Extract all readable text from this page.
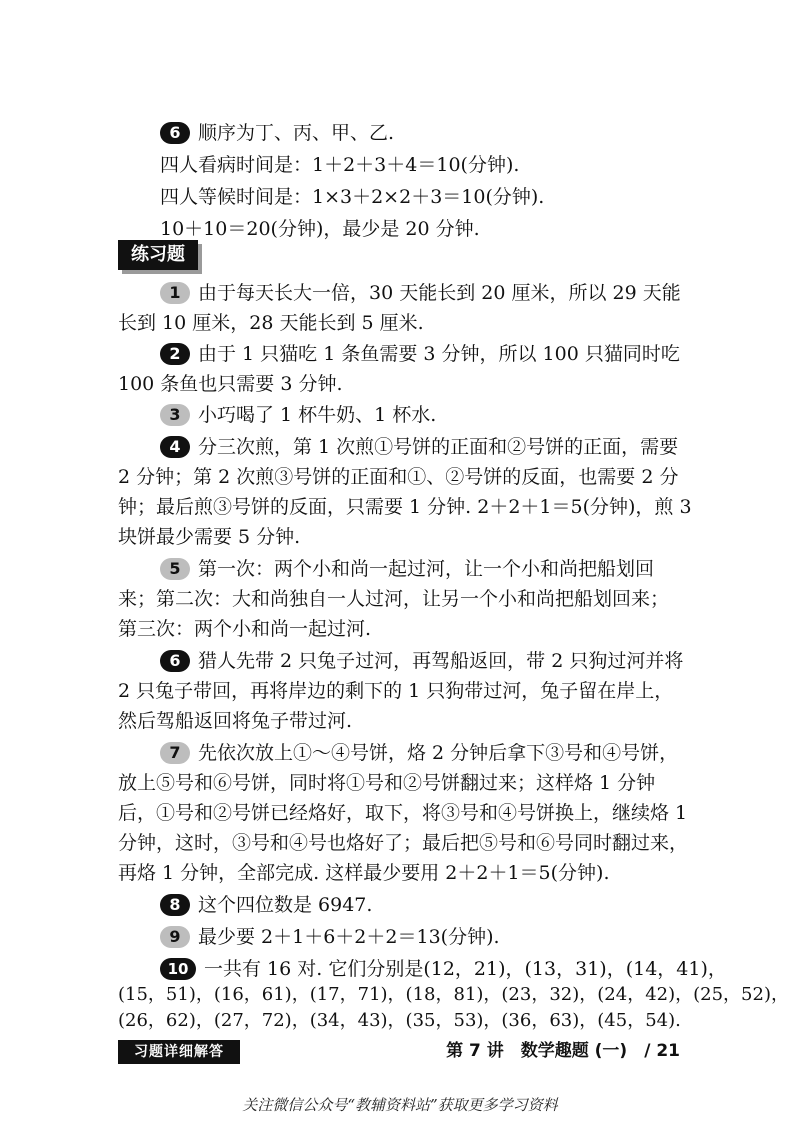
6 顺序为丁、丙、甲、乙.
四人看病时间是：1＋2＋3＋4＝10(分钟).
四人等候时间是：1×3＋2×2＋3＝10(分钟).
10＋10＝20(分钟)，最少是 20 分钟.
练习题
1 由于每天长大一倍，30 天能长到 20 厘米，所以 29 天能
长到 10 厘米，28 天能长到 5 厘米.
2 由于 1 只猫吃 1 条鱼需要 3 分钟，所以 100 只猫同时吃
100 条鱼也只需要 3 分钟.
3 小巧喝了 1 杯牛奶、1 杯水.
4 分三次煎，第 1 次煎①号饼的正面和②号饼的正面，需要
2 分钟；第 2 次煎③号饼的正面和①、②号饼的反面，也需要 2 分
钟；最后煎③号饼的反面，只需要 1 分钟. 2＋2＋1＝5(分钟)，煎 3
块饼最少需要 5 分钟.
5 第一次：两个小和尚一起过河，让一个小和尚把船划回
来；第二次：大和尚独自一人过河，让另一个小和尚把船划回来；
第三次：两个小和尚一起过河.
6 猎人先带 2 只兔子过河，再驾船返回，带 2 只狗过河并将
2 只兔子带回，再将岸边的剩下的 1 只狗带过河，兔子留在岸上，
然后驾船返回将兔子带过河.
7 先依次放上①～④号饼，烙 2 分钟后拿下③号和④号饼，
放上⑤号和⑥号饼，同时将①号和②号饼翻过来；这样烙 1 分钟
后，①号和②号饼已经烙好，取下，将③号和④号饼换上，继续烙 1
分钟，这时，③号和④号也烙好了；最后把⑤号和⑥号同时翻过来，
再烙 1 分钟，全部完成. 这样最少要用 2＋2＋1＝5(分钟).
8 这个四位数是 6947.
9 最少要 2＋1＋6＋2＋2＝13(分钟).
10 一共有 16 对. 它们分别是(12，21)，(13，31)，(14，41)，
(15，51)，(16，61)，(17，71)，(18，81)，(23，32)，(24，42)，(25，52)，
习题详细解答	第 7 讲　数学趣题 (一)　/ 21
关注微信公众号“教辅资料站”获取更多学习资料
(26，62)，(27，72)，(34，43)，(35，53)，(36，63)，(45，54).
